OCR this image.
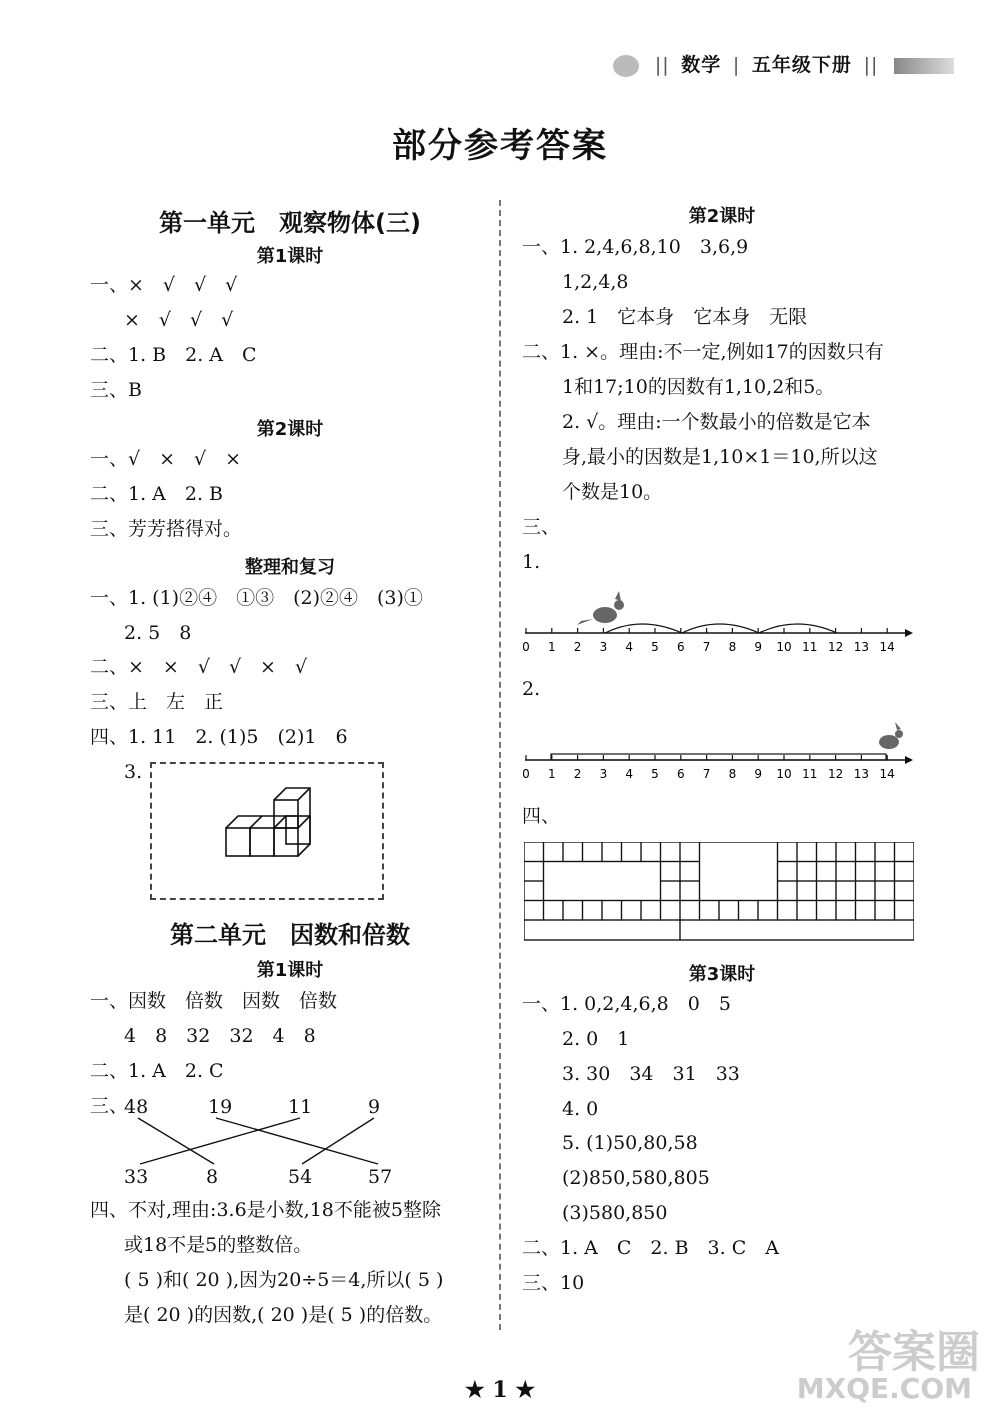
|| 数学 | 五年级下册 ||
部分参考答案
第一单元　观察物体(三)
第1课时
一、×　√　√　√
×　√　√　√
二、1. B　2. A　C
三、B
第2课时
一、√　×　√　×
二、1. A　2. B
三、芳芳搭得对。
整理和复习
一、1. (1)②④　①③　(2)②④　(3)①
2. 5　8
二、×　×　√　√　×　√
三、上　左　正
四、1. 11　2. (1)5　(2)1　6
3.
第二单元　因数和倍数
第1课时
一、因数　倍数　因数　倍数
4　8　32　32　4　8
二、1. A　2. C
三、
48	19	11	9
33	8	54	57
四、不对,理由:3.6是小数,18不能被5整除
或18不是5的整数倍。
( 5 )和( 20 ),因为20÷5＝4,所以( 5 )
是( 20 )的因数,( 20 )是( 5 )的倍数。
第2课时
一、1. 2,4,6,8,10　3,6,9
1,2,4,8
2. 1　它本身　它本身　无限
二、1. ×。理由:不一定,例如17的因数只有
1和17;10的因数有1,10,2和5。
2. √。理由:一个数最小的倍数是它本
身,最小的因数是1,10×1＝10,所以这
个数是10。
三、
1.
0 1 2 3 4 5 6 7 8 9 10 11 12 13 14
2.
0 1 2 3 4 5 6 7 8 9 10 11 12 13 14
四、
第3课时
一、1. 0,2,4,6,8　0　5
2. 0　1
3. 30　34　31　33
4. 0
5. (1)50,80,58
(2)850,580,805
(3)580,850
二、1. A　C　2. B　3. C　A
三、10
★ 1 ★
答案圈
MXQE.COM
